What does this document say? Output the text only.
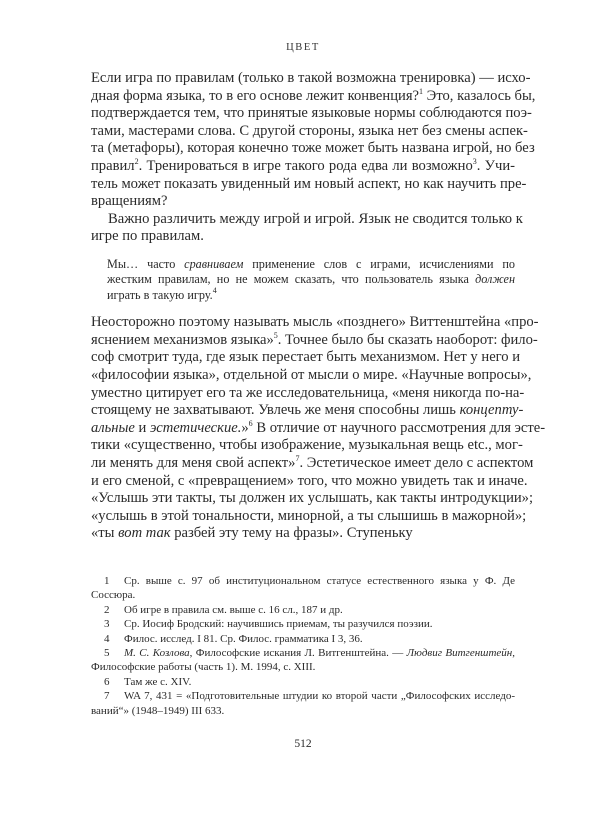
ЦВЕТ

Если игра по правилам (только в такой возможна тренировка) — исхо-
дная форма языка, то в его основе лежит конвенция?$^1$ Это, казалось бы,
подтверждается тем, что принятые языковые нормы соблюдаются поэ-
тами, мастерами слова. С другой стороны, языка нет без смены аспек-
та (метафоры), которая конечно тоже может быть названа игрой, но без
правил$^2$. Тренироваться в игре такого рода едва ли возможно$^3$. Учи-
тель может показать увиденный им новый аспект, но как научить пре-
вращениям?

Важно различить между игрой и игрой. Язык не сводится только к
игре по правилам.

Мы… часто сравниваем применение слов с играми, исчислениями по
жестким правилам, но не можем сказать, что пользователь языка должен
играть в такую игру.$^4$

Неосторожно поэтому называть мысль «позднего» Виттенштейна «про-
яснением механизмов языка»$^5$. Точнее было бы сказать наоборот: фило-
соф смотрит туда, где язык перестает быть механизмом. Нет у него и
«философии языка», отдельной от мысли о мире. «Научные вопросы»,
уместно цитирует его та же исследовательница, «меня никогда по-на-
стоящему не захватывают. Увлечь же меня способны лишь концепту-
альные и эстетические.»$^6$ В отличие от научного рассмотрения для эсте-
тики «существенно, чтобы изображение, музыкальная вещь etc., мог-
ли менять для меня свой аспект»$^7$. Эстетическое имеет дело с аспектом
и его сменой, с «превращением» того, что можно увидеть так и иначе.
«Услышь эти такты, ты должен их услышать, как такты интродукции»;
«услышь в этой тональности, минорной, а ты слышишь в мажорной»;
«ты вот так разбей эту тему на фразы». Ступеньку

1 Ср. выше с. 97 об институциональном статусе естественного языка у Ф. Де
Соссюра.
2 Об игре в правила см. выше с. 16 сл., 187 и др.
3 Ср. Иосиф Бродский: научившись приемам, ты разучился поэзии.
4 Филос. исслед. I 81. Ср. Филос. грамматика I 3, 36.
5 М. С. Козлова, Философские искания Л. Витгенштейна. — Людвиг Витгенштейн,
Философские работы (часть 1). М. 1994, с. XIII.
6 Там же с. XIV.
7 WA 7, 431 = «Подготовительные штудии ко второй части „Философских исследо-
ваний“» (1948–1949) III 633.
512
